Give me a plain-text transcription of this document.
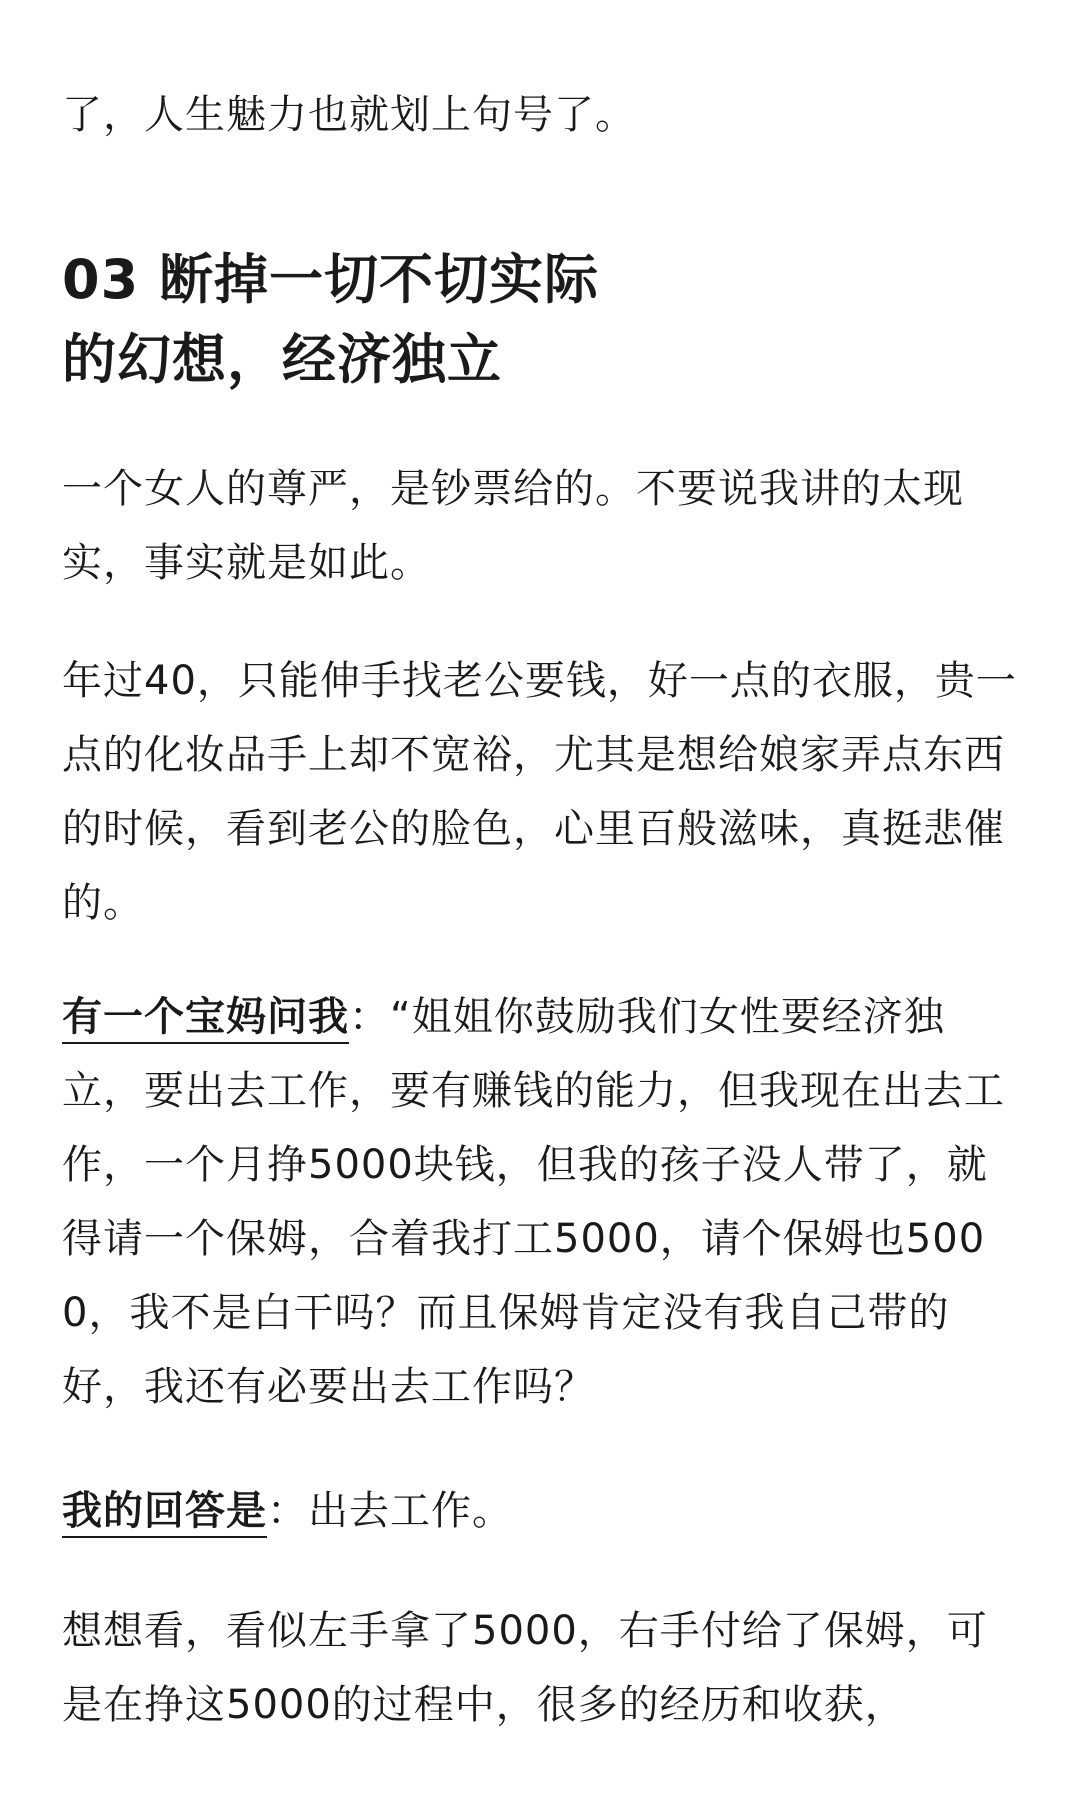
了，人生魅力也就划上句号了。

03 断掉一切不切实际
的幻想，经济独立

一个女人的尊严，是钞票给的。不要说我讲的太现实，事实就是如此。

年过40，只能伸手找老公要钱，好一点的衣服，贵一点的化妆品手上却不宽裕，尤其是想给娘家弄点东西的时候，看到老公的脸色，心里百般滋味，真挺悲催的。

有一个宝妈问我：“姐姐你鼓励我们女性要经济独立，要出去工作，要有赚钱的能力，但我现在出去工作，一个月挣5000块钱，但我的孩子没人带了，就得请一个保姆，合着我打工5000，请个保姆也5000，我不是白干吗？而且保姆肯定没有我自己带的好，我还有必要出去工作吗？

我的回答是：出去工作。

想想看，看似左手拿了5000，右手付给了保姆，可是在挣这5000的过程中，很多的经历和收获，
